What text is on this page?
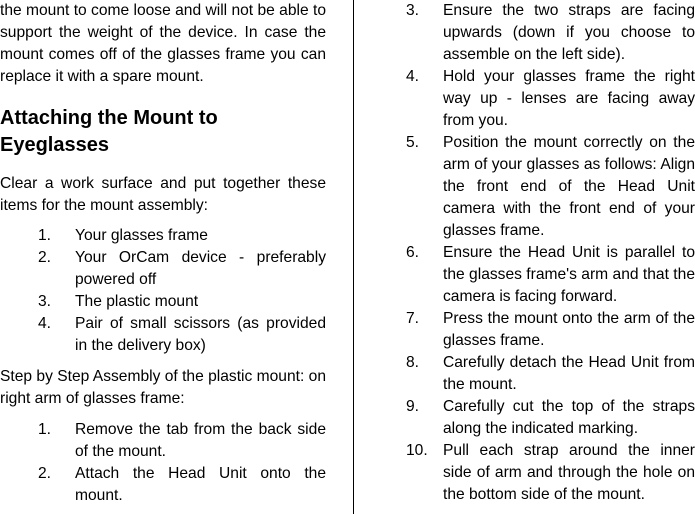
the mount to come loose and will not be able to support the weight of the device. In case the mount comes off of the glasses frame you can replace it with a spare mount.

Attaching the Mount to Eyeglasses

Clear a work surface and put together these items for the mount assembly:

1. Your glasses frame
2. Your OrCam device - preferably powered off
3. The plastic mount
4. Pair of small scissors (as provided in the delivery box)

Step by Step Assembly of the plastic mount: on right arm of glasses frame:

1. Remove the tab from the back side of the mount.
2. Attach the Head Unit onto the mount.
3. Ensure the two straps are facing upwards (down if you choose to assemble on the left side).
4. Hold your glasses frame the right way up - lenses are facing away from you.
5. Position the mount correctly on the arm of your glasses as follows: Align the front end of the Head Unit camera with the front end of your glasses frame.
6. Ensure the Head Unit is parallel to the glasses frame's arm and that the camera is facing forward.
7. Press the mount onto the arm of the glasses frame.
8. Carefully detach the Head Unit from the mount.
9. Carefully cut the top of the straps along the indicated marking.
10. Pull each strap around the inner side of arm and through the hole on the bottom side of the mount.
